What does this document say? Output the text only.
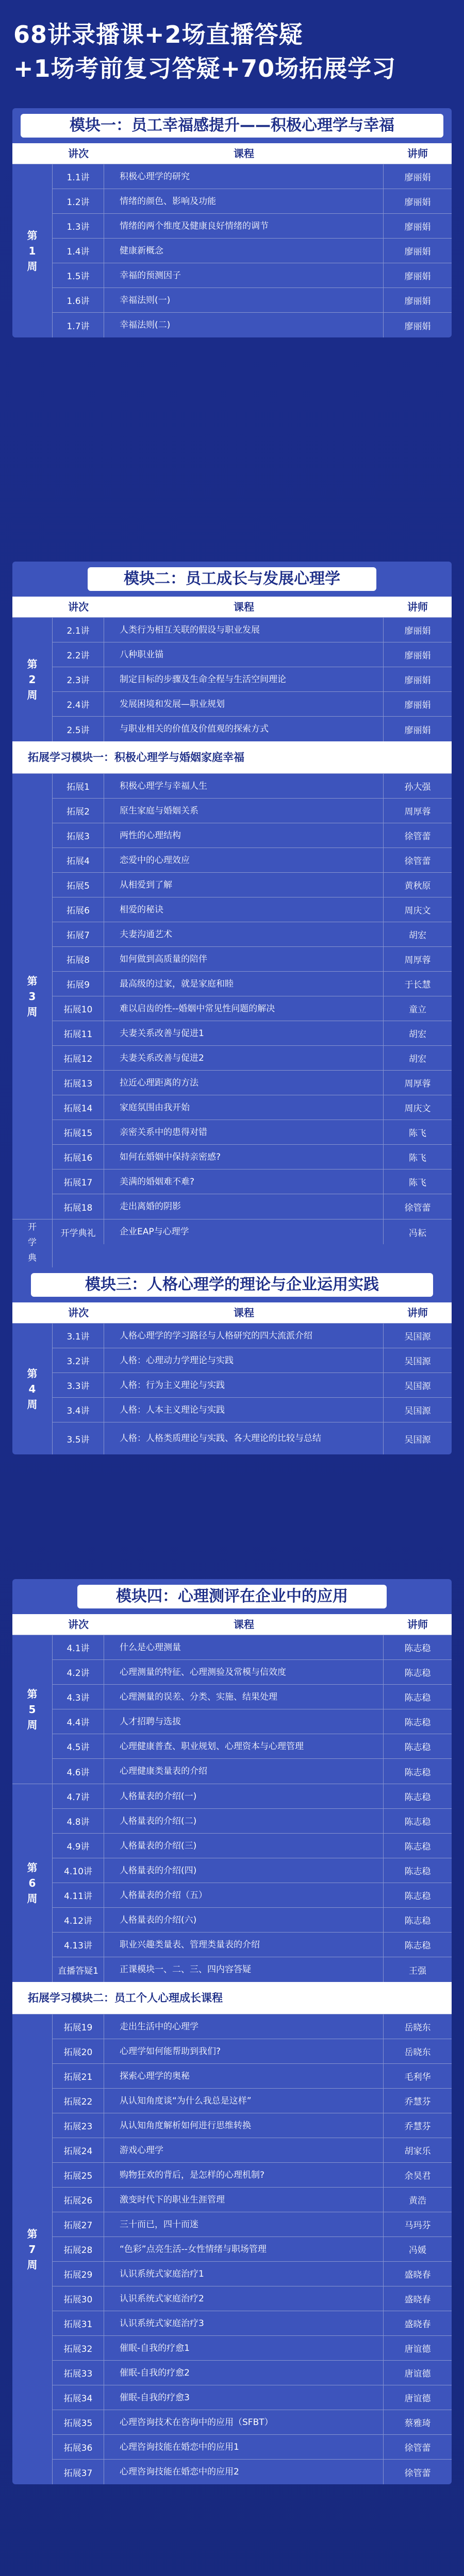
68讲录播课+2场直播答疑
+1场考前复习答疑+70场拓展学习
模块一：员工幸福感提升——积极心理学与幸福
讲次	课程	讲师
第1周
1.1讲	积极心理学的研究	廖丽娟
1.2讲	情绪的颜色、影响及功能	廖丽娟
1.3讲	情绪的两个维度及健康良好情绪的调节	廖丽娟
1.4讲	健康新概念	廖丽娟
1.5讲	幸福的预测因子	廖丽娟
1.6讲	幸福法则(一)	廖丽娟
1.7讲	幸福法则(二)	廖丽娟
模块二：员工成长与发展心理学
讲次	课程	讲师
第2周
2.1讲	人类行为相互关联的假设与职业发展	廖丽娟
2.2讲	八种职业锚	廖丽娟
2.3讲	制定目标的步骤及生命全程与生活空间理论	廖丽娟
2.4讲	发展困境和发展—职业规划	廖丽娟
2.5讲	与职业相关的价值及价值观的探索方式	廖丽娟
拓展学习模块一：积极心理学与婚姻家庭幸福
第3周
拓展1	积极心理学与幸福人生	孙大强
拓展2	原生家庭与婚姻关系	周厚蓉
拓展3	两性的心理结构	徐管蕾
拓展4	恋爱中的心理效应	徐管蕾
拓展5	从相爱到了解	黄秋原
拓展6	相爱的秘诀	周庆文
拓展7	夫妻沟通艺术	胡宏
拓展8	如何做到高质量的陪伴	周厚蓉
拓展9	最高级的过家，就是家庭和睦	于长慧
拓展10	难以启齿的性--婚姻中常见性问题的解决	童立
拓展11	夫妻关系改善与促进1	胡宏
拓展12	夫妻关系改善与促进2	胡宏
拓展13	拉近心理距离的方法	周厚蓉
拓展14	家庭氛围由我开始	周庆文
拓展15	亲密关系中的患得对错	陈飞
拓展16	如何在婚姻中保持亲密感?	陈飞
拓展17	美满的婚姻难不难?	陈飞
拓展18	走出离婚的阴影	徐管蕾
开学典
开学典礼	企业EAP与心理学	冯耘
模块三：人格心理学的理论与企业运用实践
讲次	课程	讲师
第4周
3.1讲	人格心理学的学习路径与人格研究的四大流派介绍	吴国源
3.2讲	人格：心理动力学理论与实践	吴国源
3.3讲	人格：行为主义理论与实践	吴国源
3.4讲	人格：人本主义理论与实践	吴国源
3.5讲	人格：人格类质理论与实践、各大理论的比较与总结	吴国源
模块四：心理测评在企业中的应用
讲次	课程	讲师
第5周
4.1讲	什么是心理测量	陈志稳
4.2讲	心理测量的特征、心理测验及常模与信效度	陈志稳
4.3讲	心理测量的误差、分类、实施、结果处理	陈志稳
4.4讲	人才招聘与选拔	陈志稳
4.5讲	心理健康普查、职业规划、心理资本与心理管理	陈志稳
4.6讲	心理健康类量表的介绍	陈志稳
第6周
4.7讲	人格量表的介绍(一)	陈志稳
4.8讲	人格量表的介绍(二)	陈志稳
4.9讲	人格量表的介绍(三)	陈志稳
4.10讲	人格量表的介绍(四)	陈志稳
4.11讲	人格量表的介绍（五）	陈志稳
4.12讲	人格量表的介绍(六)	陈志稳
4.13讲	职业兴趣类量表、管理类量表的介绍	陈志稳
直播答疑1	正课模块一、二、三、四内容答疑	王强
拓展学习模块二：员工个人心理成长课程
第7周
拓展19	走出生活中的心理学	岳晓东
拓展20	心理学如何能帮助到我们?	岳晓东
拓展21	探索心理学的奥秘	毛利华
拓展22	从认知角度谈“为什么我总是这样”	乔慧芬
拓展23	从认知角度解析如何进行思维转换	乔慧芬
拓展24	游戏心理学	胡家乐
拓展25	购物狂欢的背后，是怎样的心理机制?	余昊君
拓展26	激变时代下的职业生涯管理	黄浩
拓展27	三十而已，四十而迷	马玛芬
拓展28	“色彩”点亮生活--女性情绪与职场管理	冯媛
拓展29	认识系统式家庭治疗1	盛晓春
拓展30	认识系统式家庭治疗2	盛晓春
拓展31	认识系统式家庭治疗3	盛晓春
拓展32	催眠-自我的疗愈1	唐谊德
拓展33	催眠-自我的疗愈2	唐谊德
拓展34	催眠-自我的疗愈3	唐谊德
拓展35	心理咨询技术在咨询中的应用（SFBT）	蔡雅琦
拓展36	心理咨询技能在婚恋中的应用1	徐管蕾
拓展37	心理咨询技能在婚恋中的应用2	徐管蕾
